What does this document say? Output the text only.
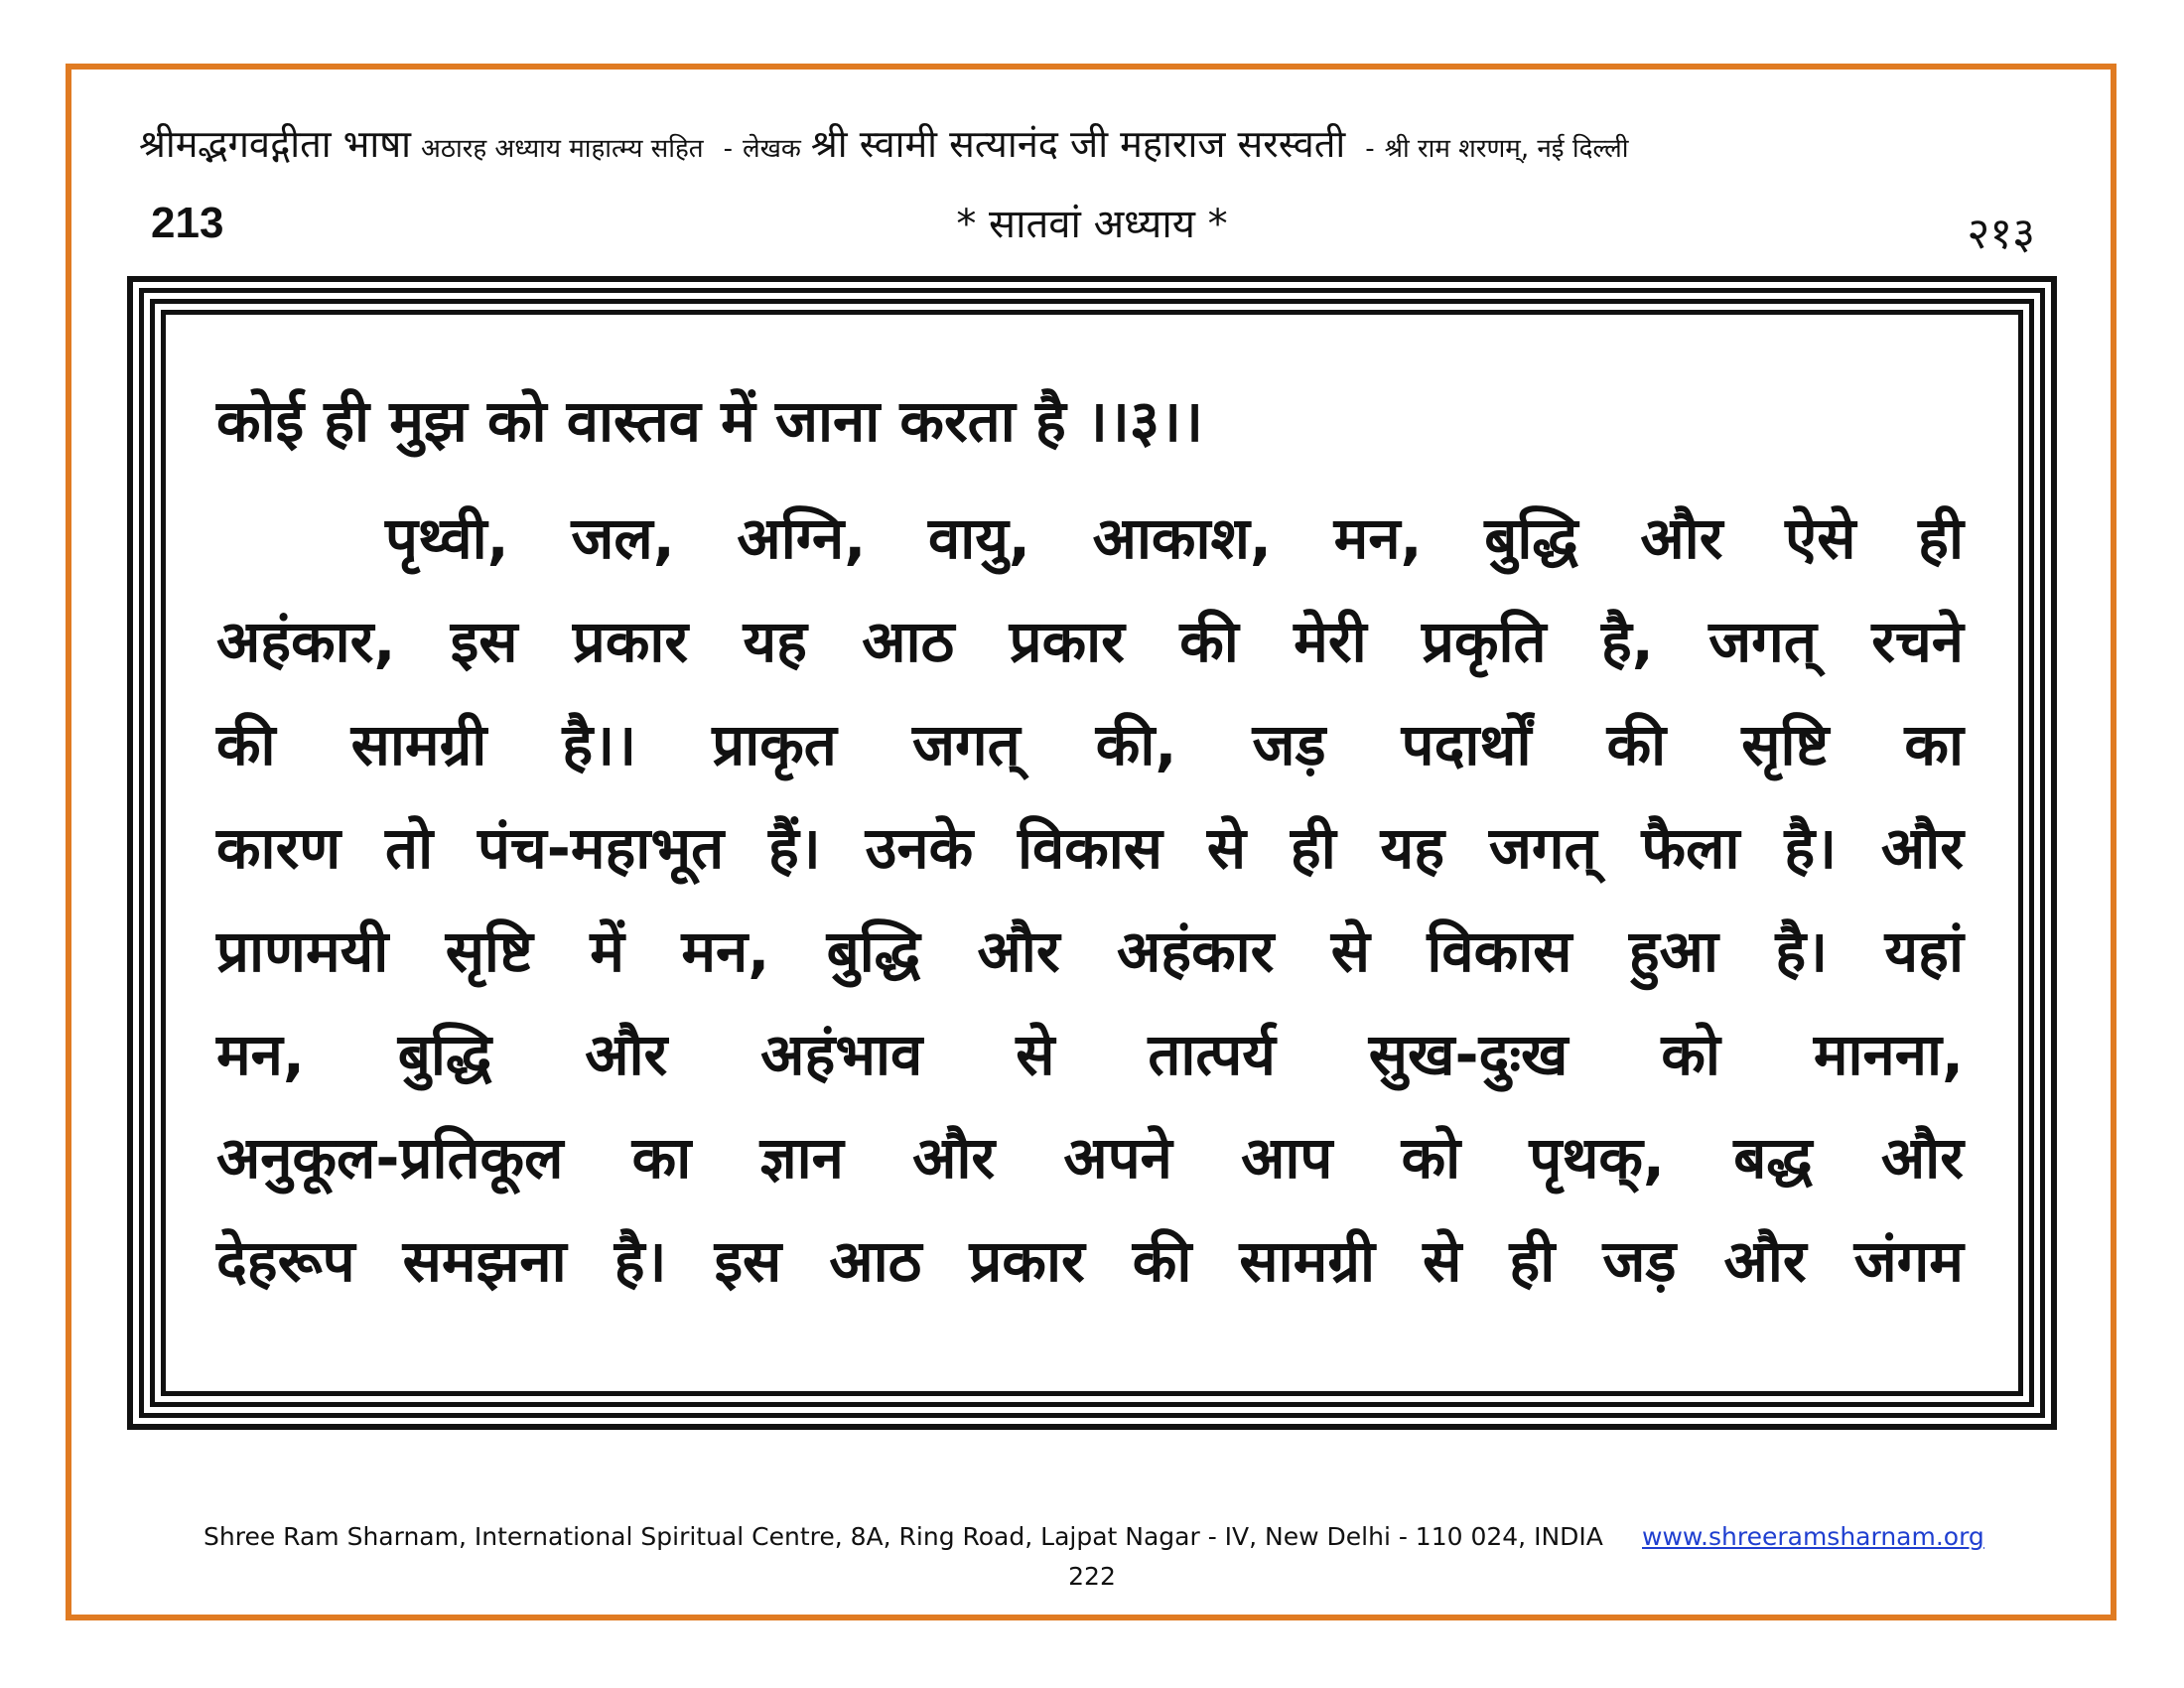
श्रीमद्भगवद्गीता भाषा अठारह अध्याय माहात्म्य सहित - लेखक श्री स्वामी सत्यानंद जी महाराज सरस्वती - श्री राम शरणम्, नई दिल्ली
213	* सातवां अध्याय *	२१३
कोई ही मुझ को वास्तव में जाना करता है ।।३।।
पृथ्वी, जल, अग्नि, वायु, आकाश, मन, बुद्धि और ऐसे ही
अहंकार, इस प्रकार यह आठ प्रकार की मेरी प्रकृति है, जगत् रचने
की सामग्री है।। प्राकृत जगत् की, जड़ पदार्थों की सृष्टि का
कारण तो पंच-महाभूत हैं। उनके विकास से ही यह जगत् फैला है। और
प्राणमयी सृष्टि में मन, बुद्धि और अहंकार से विकास हुआ है। यहां
मन, बुद्धि और अहंभाव से तात्पर्य सुख-दुःख को मानना,
अनुकूल-प्रतिकूल का ज्ञान और अपने आप को पृथक्, बद्ध और
देहरूप समझना है। इस आठ प्रकार की सामग्री से ही जड़ और जंगम
Shree Ram Sharnam, International Spiritual Centre, 8A, Ring Road, Lajpat Nagar - IV, New Delhi - 110 024, INDIA www.shreeramsharnam.org
222
